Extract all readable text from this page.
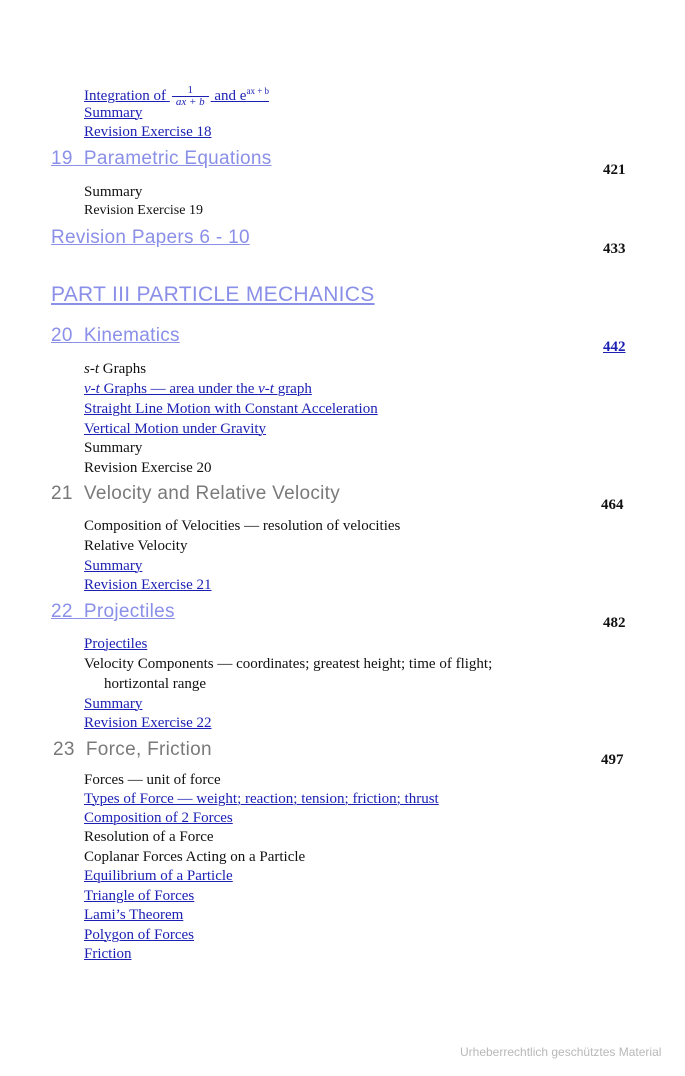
Integration of $\frac{1}{ax + b}$ and $e^{ax + b}$
Summary
Revision Exercise 18
19 Parametric Equations
421
Summary
Revision Exercise 19
Revision Papers 6 - 10
433
PART III PARTICLE MECHANICS
20 Kinematics
442
s-t Graphs
v-t Graphs — area under the v-t graph
Straight Line Motion with Constant Acceleration
Vertical Motion under Gravity
Summary
Revision Exercise 20
21 Velocity and Relative Velocity
464
Composition of Velocities — resolution of velocities
Relative Velocity
Summary
Revision Exercise 21
22 Projectiles
482
Projectiles
Velocity Components — coordinates; greatest height; time of flight;
hortizontal range
Summary
Revision Exercise 22
23 Force, Friction	497
Forces — unit of force
Types of Force — weight; reaction; tension; friction; thrust
Composition of 2 Forces
Resolution of a Force
Coplanar Forces Acting on a Particle
Equilibrium of a Particle
Triangle of Forces
Lami’s Theorem
Polygon of Forces
Friction
Urheberrechtlich geschütztes Material
